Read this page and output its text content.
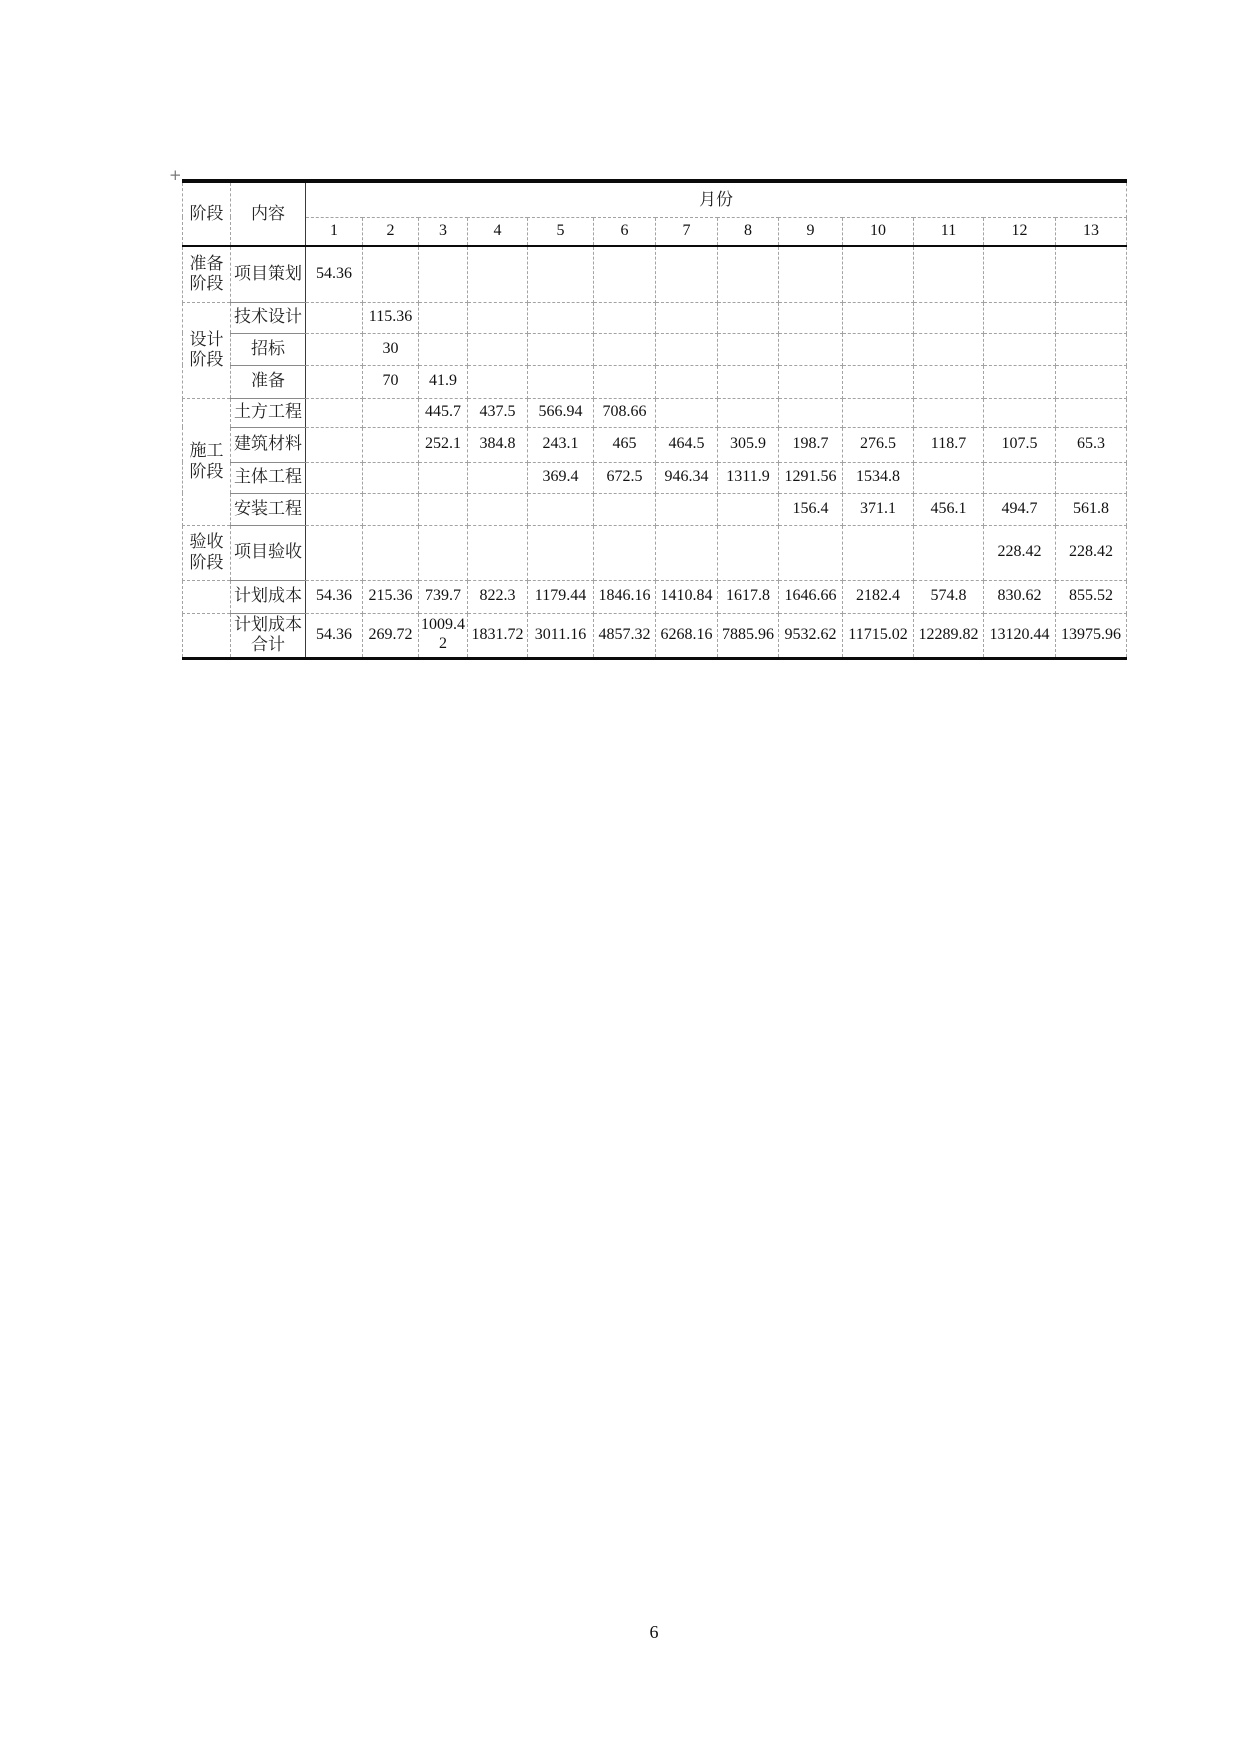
+
阶段	内容	月份												
		1	2	3	4	5	6	7	8	9	10	11	12	13
准备阶段	项目策划	54.36												
设计阶段	技术设计		115.36											
	招标		30											
	准备		70	41.9										
施工阶段	土方工程			445.7	437.5	566.94	708.66							
	建筑材料			252.1	384.8	243.1	465	464.5	305.9	198.7	276.5	118.7	107.5	65.3
	主体工程					369.4	672.5	946.34	1311.9	1291.56	1534.8			
	安装工程									156.4	371.1	456.1	494.7	561.8
验收阶段	项目验收												228.42	228.42
	计划成本	54.36	215.36	739.7	822.3	1179.44	1846.16	1410.84	1617.8	1646.66	2182.4	574.8	830.62	855.52
	计划成本合计	54.36	269.72	1009.42	1831.72	3011.16	4857.32	6268.16	7885.96	9532.62	11715.02	12289.82	13120.44	13975.96
6
